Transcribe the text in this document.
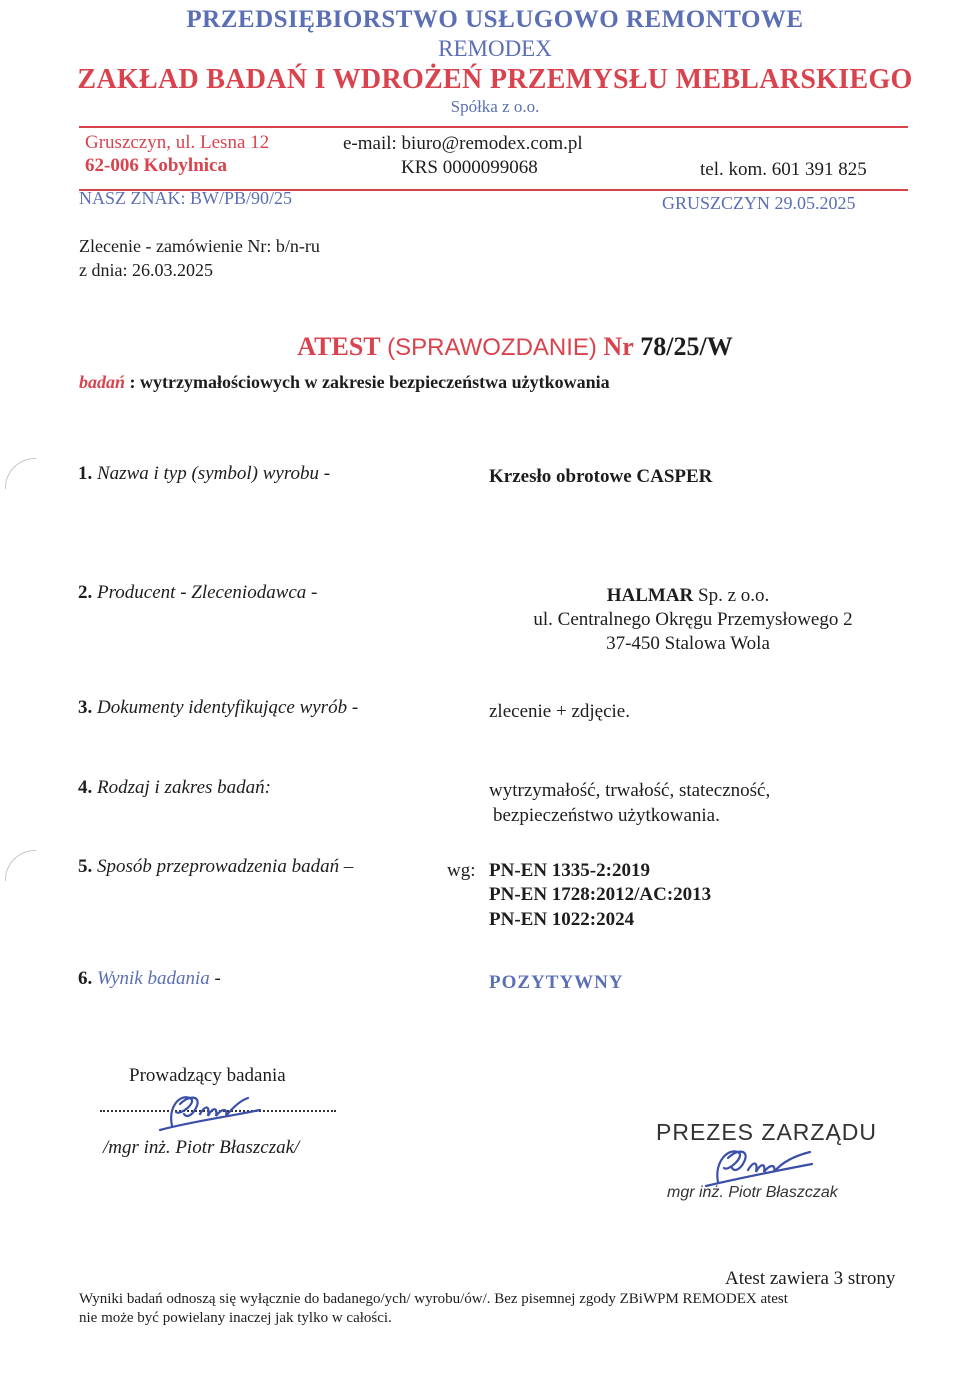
PRZEDSIĘBIORSTWO USŁUGOWO REMONTOWE
REMODEX
ZAKŁAD BADAŃ I WDROŻEŃ PRZEMYSŁU MEBLARSKIEGO
Spółka z o.o.
Gruszczyn, ul. Lesna 12
62-006 Kobylnica
e-mail: biuro@remodex.com.pl
KRS 0000099068	tel. kom. 601 391 825
NASZ ZNAK: BW/PB/90/25	GRUSZCZYN 29.05.2025
Zlecenie - zamówienie Nr: b/n-ru
z dnia: 26.03.2025
ATEST (SPRAWOZDANIE) Nr 78/25/W
badań : wytrzymałościowych w zakresie bezpieczeństwa użytkowania
1. Nazwa i typ (symbol) wyrobu -	Krzesło obrotowe CASPER
2. Producent - Zleceniodawca -	HALMAR Sp. z o.o.
ul. Centralnego Okręgu Przemysłowego 2
37-450 Stalowa Wola
3. Dokumenty identyfikujące wyrób -	zlecenie + zdjęcie.
4. Rodzaj i zakres badań:	wytrzymałość, trwałość, stateczność,
bezpieczeństwo użytkowania.
5. Sposób przeprowadzenia badań –	wg: PN-EN 1335-2:2019
PN-EN 1728:2012/AC:2013
PN-EN 1022:2024
6. Wynik badania -	POZYTYWNY
Prowadzący badania
/mgr inż. Piotr Błaszczak/
PREZES ZARZĄDU
mgr inż. Piotr Błaszczak
Atest zawiera 3 strony
Wyniki badań odnoszą się wyłącznie do badanego/ych/ wyrobu/ów/. Bez pisemnej zgody ZBiWPM REMODEX atest
nie może być powielany inaczej jak tylko w całości.
